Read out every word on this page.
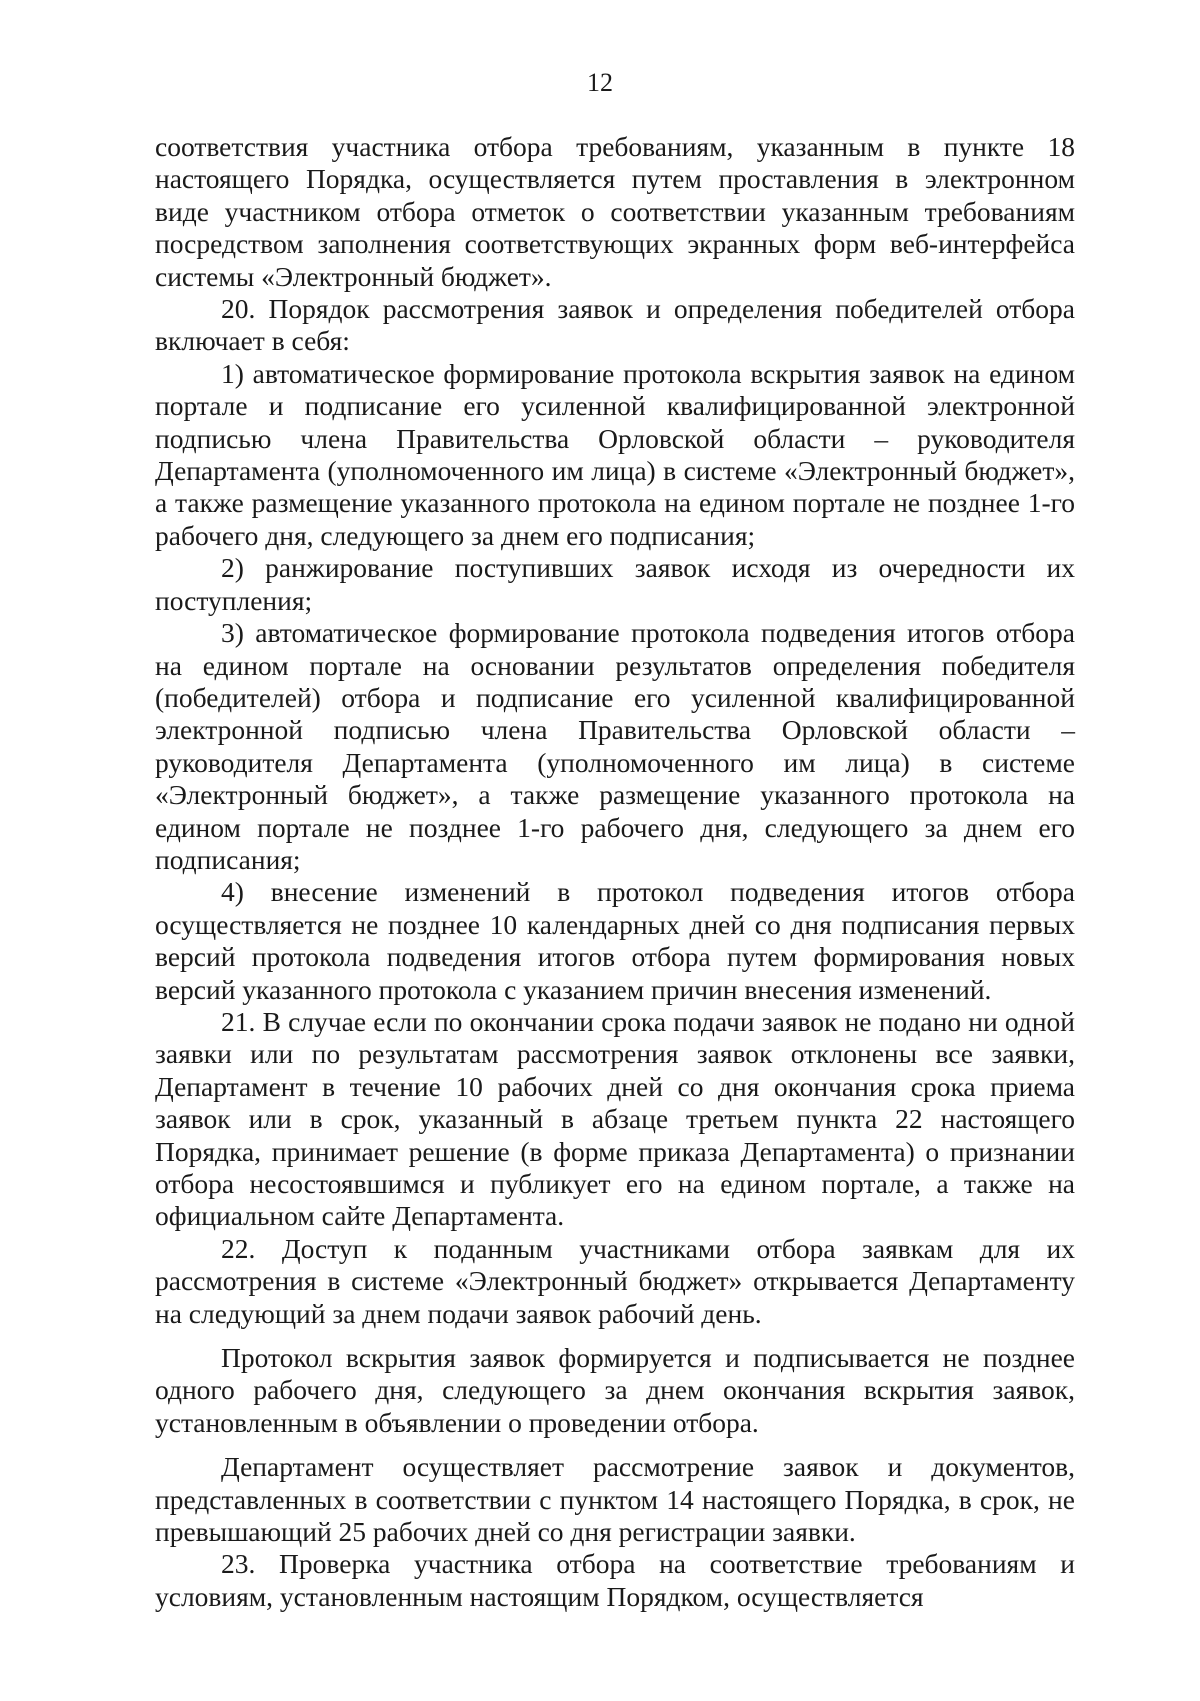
12

соответствия участника отбора требованиям, указанным в пункте 18 настоящего Порядка, осуществляется путем проставления в электронном виде участником отбора отметок о соответствии указанным требованиям посредством заполнения соответствующих экранных форм веб-интерфейса системы «Электронный бюджет».

20. Порядок рассмотрения заявок и определения победителей отбора включает в себя:

1) автоматическое формирование протокола вскрытия заявок на едином портале и подписание его усиленной квалифицированной электронной подписью члена Правительства Орловской области – руководителя Департамента (уполномоченного им лица) в системе «Электронный бюджет», а также размещение указанного протокола на едином портале не позднее 1-го рабочего дня, следующего за днем его подписания;

2) ранжирование поступивших заявок исходя из очередности их поступления;

3) автоматическое формирование протокола подведения итогов отбора на едином портале на основании результатов определения победителя (победителей) отбора и подписание его усиленной квалифицированной электронной подписью члена Правительства Орловской области – руководителя Департамента (уполномоченного им лица) в системе «Электронный бюджет», а также размещение указанного протокола на едином портале не позднее 1-го рабочего дня, следующего за днем его подписания;

4) внесение изменений в протокол подведения итогов отбора осуществляется не позднее 10 календарных дней со дня подписания первых версий протокола подведения итогов отбора путем формирования новых версий указанного протокола с указанием причин внесения изменений.

21. В случае если по окончании срока подачи заявок не подано ни одной заявки или по результатам рассмотрения заявок отклонены все заявки, Департамент в течение 10 рабочих дней со дня окончания срока приема заявок или в срок, указанный в абзаце третьем пункта 22 настоящего Порядка, принимает решение (в форме приказа Департамента) о признании отбора несостоявшимся и публикует его на едином портале, а также на официальном сайте Департамента.

22. Доступ к поданным участниками отбора заявкам для их рассмотрения в системе «Электронный бюджет» открывается Департаменту на следующий за днем подачи заявок рабочий день.

Протокол вскрытия заявок формируется и подписывается не позднее одного рабочего дня, следующего за днем окончания вскрытия заявок, установленным в объявлении о проведении отбора.

Департамент осуществляет рассмотрение заявок и документов, представленных в соответствии с пунктом 14 настоящего Порядка, в срок, не превышающий 25 рабочих дней со дня регистрации заявки.

23. Проверка участника отбора на соответствие требованиям и условиям, установленным настоящим Порядком, осуществляется
